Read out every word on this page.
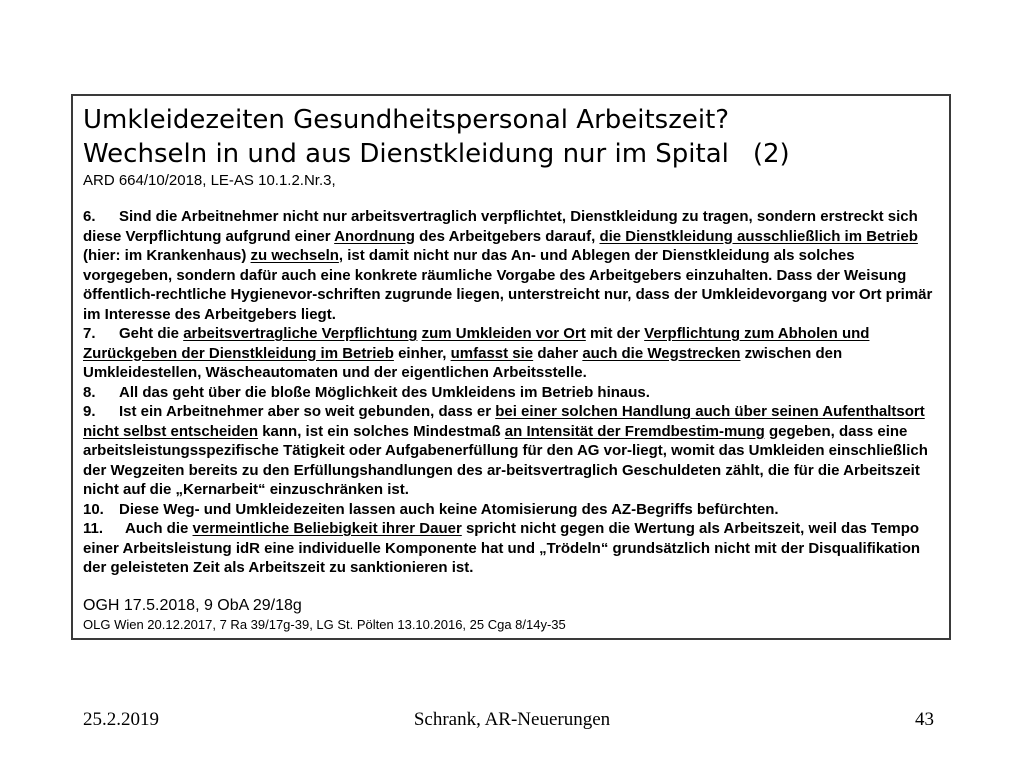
Umkleidezeiten Gesundheitspersonal Arbeitszeit?
Wechseln in und aus Dienstkleidung nur im Spital (2)

ARD 664/10/2018, LE-AS 10.1.2.Nr.3,

6. Sind die Arbeitnehmer nicht nur arbeitsvertraglich verpflichtet, Dienstkleidung zu tragen, sondern erstreckt sich diese Verpflichtung aufgrund einer Anordnung des Arbeitgebers darauf, die Dienstkleidung ausschließlich im Betrieb (hier: im Krankenhaus) zu wechseln, ist damit nicht nur das An- und Ablegen der Dienstkleidung als solches vorgegeben, sondern dafür auch eine konkrete räumliche Vorgabe des Arbeitgebers einzuhalten. Dass der Weisung öffentlich-rechtliche Hygienevor-schriften zugrunde liegen, unterstreicht nur, dass der Umkleidevorgang vor Ort primär im Interesse des Arbeitgebers liegt.

7. Geht die arbeitsvertragliche Verpflichtung zum Umkleiden vor Ort mit der Verpflichtung zum Abholen und Zurückgeben der Dienstkleidung im Betrieb einher, umfasst sie daher auch die Wegstrecken zwischen den Umkleidestellen, Wäscheautomaten und der eigentlichen Arbeitsstelle.

8. All das geht über die bloße Möglichkeit des Umkleidens im Betrieb hinaus.

9. Ist ein Arbeitnehmer aber so weit gebunden, dass er bei einer solchen Handlung auch über seinen Aufenthaltsort nicht selbst entscheiden kann, ist ein solches Mindestmaß an Intensität der Fremdbestim-mung gegeben, dass eine arbeitsleistungsspezifische Tätigkeit oder Aufgabenerfüllung für den AG vor-liegt, womit das Umkleiden einschließlich der Wegzeiten bereits zu den Erfüllungshandlungen des ar-beitsvertraglich Geschuldeten zählt, die für die Arbeitszeit nicht auf die „Kernarbeit“ einzuschränken ist.

10. Diese Weg- und Umkleidezeiten lassen auch keine Atomisierung des AZ-Begriffs befürchten.

11. Auch die vermeintliche Beliebigkeit ihrer Dauer spricht nicht gegen die Wertung als Arbeitszeit, weil das Tempo einer Arbeitsleistung idR eine individuelle Komponente hat und „Trödeln“ grundsätzlich nicht mit der Disqualifikation der geleisteten Zeit als Arbeitszeit zu sanktionieren ist.

OGH 17.5.2018, 9 ObA 29/18g

OLG Wien 20.12.2017, 7 Ra 39/17g-39, LG St. Pölten 13.10.2016, 25 Cga 8/14y-35

25.2.2019	Schrank, AR-Neuerungen	43
